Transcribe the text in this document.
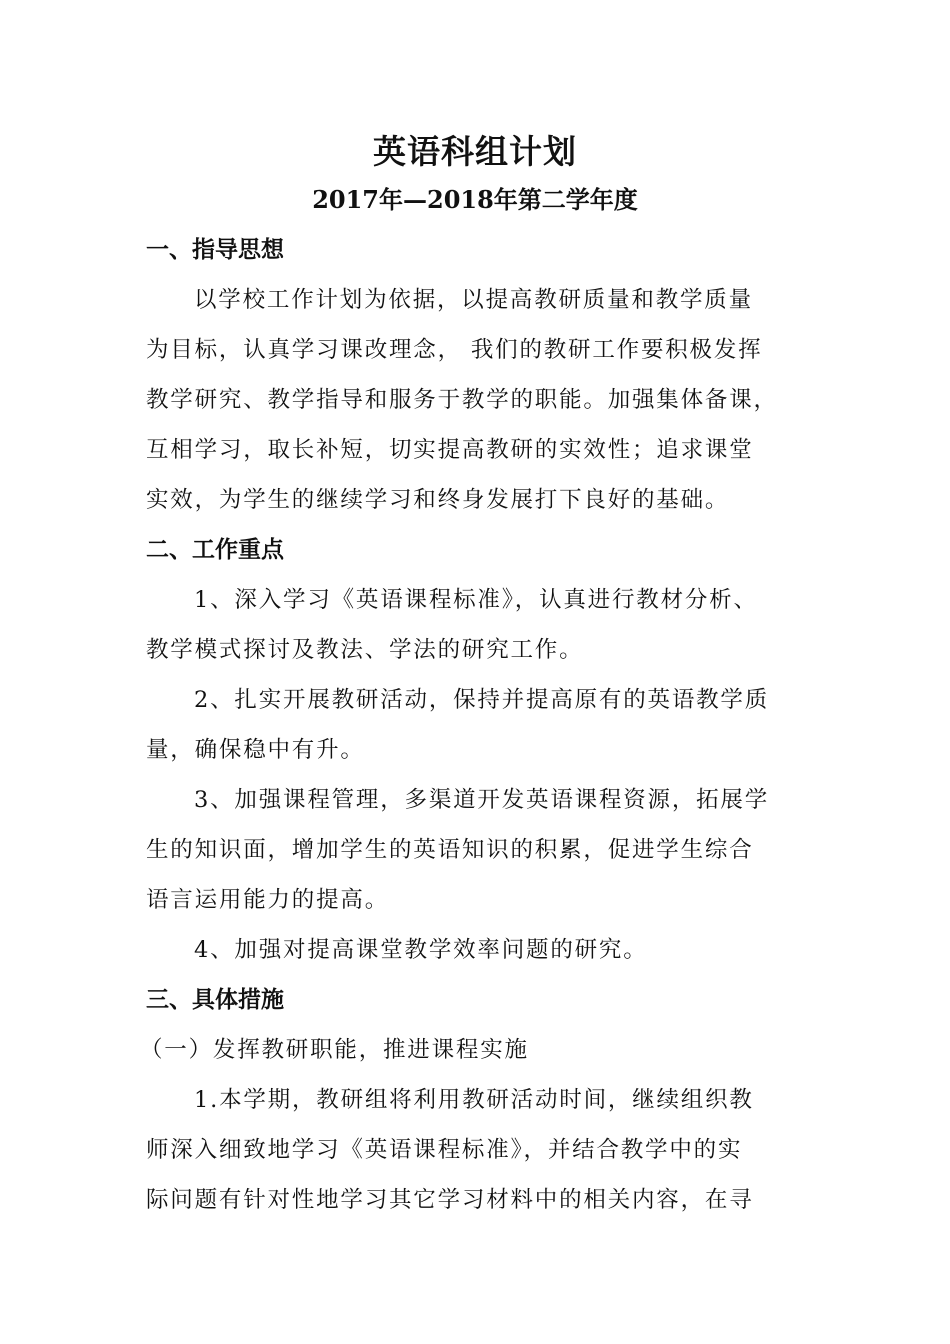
英语科组计划
2017年—2018年第二学年度
一、指导思想

以学校工作计划为依据，以提高教研质量和教学质量
为目标，认真学习课改理念， 我们的教研工作要积极发挥
教学研究、教学指导和服务于教学的职能。加强集体备课，
互相学习，取长补短，切实提高教研的实效性；追求课堂
实效，为学生的继续学习和终身发展打下良好的基础。

二、工作重点

1、深入学习《英语课程标准》，认真进行教材分析、
教学模式探讨及教法、学法的研究工作。

2、扎实开展教研活动，保持并提高原有的英语教学质
量，确保稳中有升。

3、加强课程管理，多渠道开发英语课程资源，拓展学
生的知识面，增加学生的英语知识的积累，促进学生综合
语言运用能力的提高。

4、加强对提高课堂教学效率问题的研究。

三、具体措施
（一）发挥教研职能，推进课程实施

1.本学期，教研组将利用教研活动时间，继续组织教
师深入细致地学习《英语课程标准》，并结合教学中的实
际问题有针对性地学习其它学习材料中的相关内容，在寻
